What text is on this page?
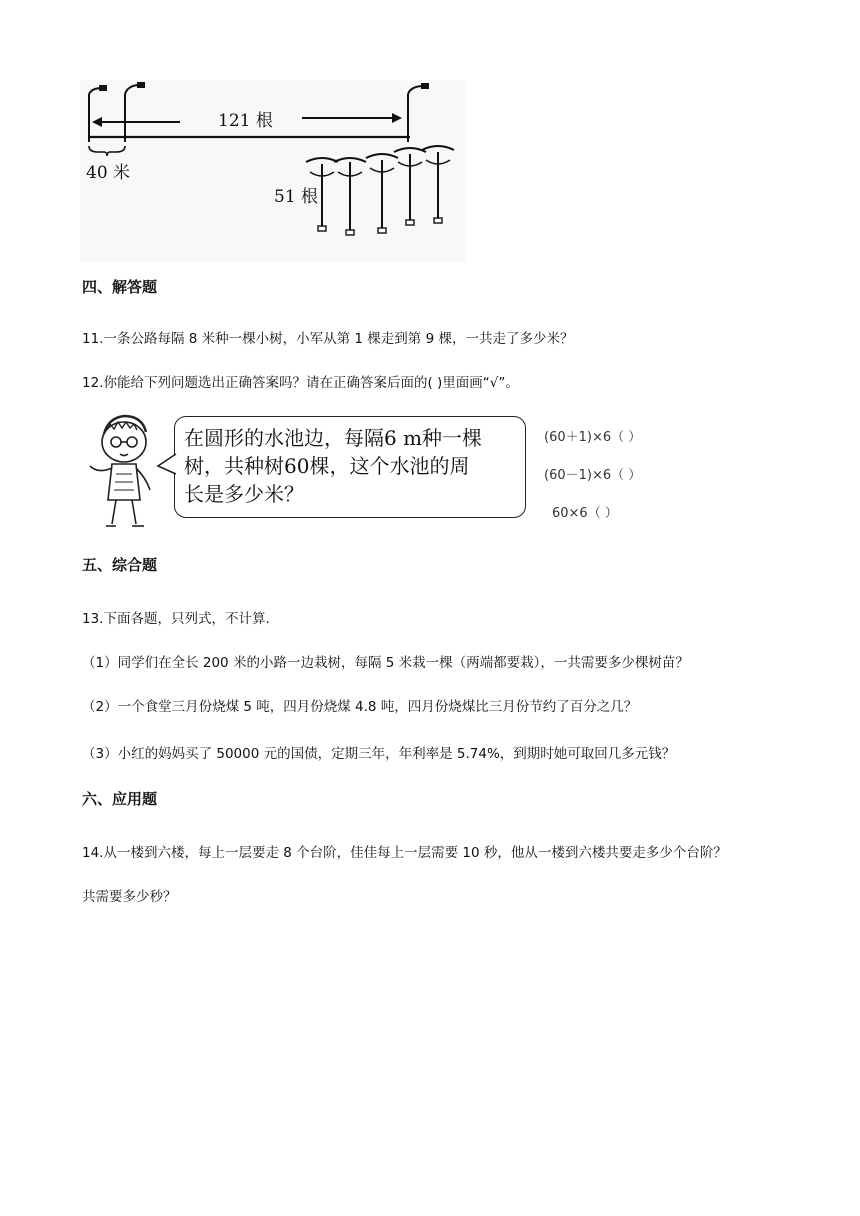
121 根
40 米
51 根
四、解答题
11.一条公路每隔 8 米种一棵小树，小军从第 1 棵走到第 9 棵，一共走了多少米？
12.你能给下列问题选出正确答案吗？请在正确答案后面的( )里面画“√”。
在圆形的水池边，每隔6 m种一棵
树，共种树60棵，这个水池的周
长是多少米？
(60＋1)×6（ ）
(60－1)×6（ ）
60×6（ ）
五、综合题
13.下面各题，只列式，不计算.
（1）同学们在全长 200 米的小路一边栽树，每隔 5 米栽一棵（两端都要栽），一共需要多少棵树苗？
（2）一个食堂三月份烧煤 5 吨，四月份烧煤 4.8 吨，四月份烧煤比三月份节约了百分之几？
（3）小红的妈妈买了 50000 元的国债，定期三年，年利率是 5.74%，到期时她可取回几多元钱？
六、应用题
14.从一楼到六楼，每上一层要走 8 个台阶，佳佳每上一层需要 10 秒，他从一楼到六楼共要走多少个台阶？
共需要多少秒？
